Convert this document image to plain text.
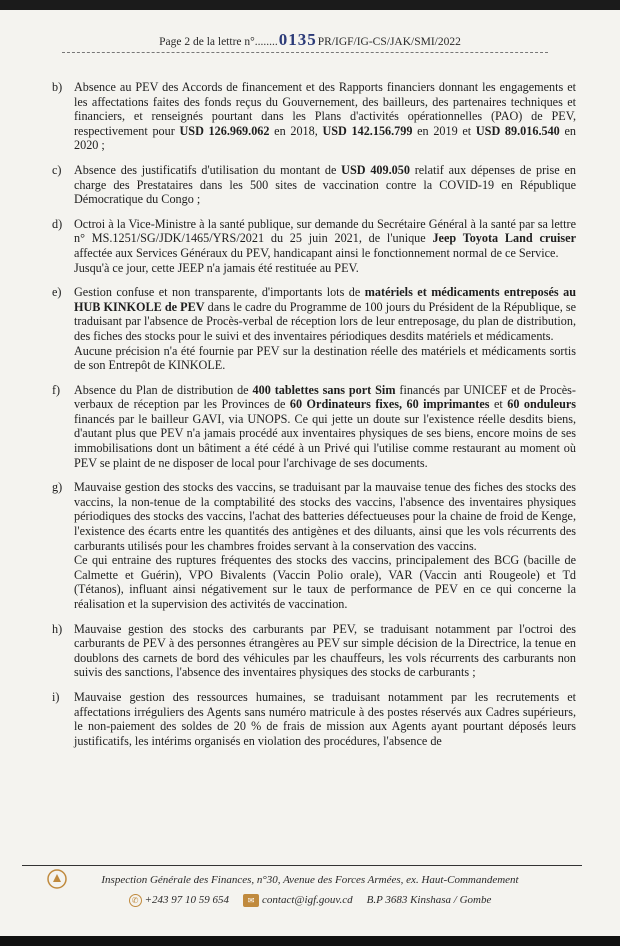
Page 2 de la lettre n°........0135PR/IGF/IG-CS/JAK/SMI/2022
b) Absence au PEV des Accords de financement et des Rapports financiers donnant les engagements et les affectations faites des fonds reçus du Gouvernement, des bailleurs, des partenaires techniques et financiers, et renseignés pourtant dans les Plans d'activités opérationnelles (PAO) de PEV, respectivement pour USD 126.969.062 en 2018, USD 142.156.799 en 2019 et USD 89.016.540 en 2020 ;

c)	Absence des justificatifs d'utilisation du montant de USD 409.050 relatif aux dépenses de prise en charge des Prestataires dans les 500 sites de vaccination contre la COVID-19 en République Démocratique du Congo ;

d) Octroi à la Vice-Ministre à la santé publique, sur demande du Secrétaire Général à la santé par sa lettre n° MS.1251/SG/JDK/1465/YRS/2021 du 25 juin 2021, de l'unique Jeep Toyota Land cruiser affectée aux Services Généraux du PEV, handicapant ainsi le fonctionnement normal de ce Service.

Jusqu'à ce jour, cette JEEP n'a jamais été restituée au PEV.

e)	Gestion confuse et non transparente, d'importants lots de matériels et médicaments entreposés au HUB KINKOLE de PEV dans le cadre du Programme de 100 jours du Président de la République, se traduisant par l'absence de Procès-verbal de réception lors de leur entreposage, du plan de distribution, des fiches des stocks pour le suivi et des inventaires périodiques desdits matériels et médicaments.

Aucune précision n'a été fournie par PEV sur la destination réelle des matériels et médicaments sortis de son Entrepôt de KINKOLE.

f)	Absence du Plan de distribution de 400 tablettes sans port Sim financés par UNICEF et de Procès-verbaux de réception par les Provinces de 60 Ordinateurs fixes, 60 imprimantes et 60 onduleurs financés par le bailleur GAVI, via UNOPS. Ce qui jette un doute sur l'existence réelle desdits biens, d'autant plus que PEV n'a jamais procédé aux inventaires physiques de ses biens, encore moins de ses immobilisations dont un bâtiment a été cédé à un Privé qui l'utilise comme restaurant au moment où PEV se plaint de ne disposer de local pour l'archivage de ses documents.

g) Mauvaise gestion des stocks des vaccins, se traduisant par la mauvaise tenue des fiches des stocks des vaccins, la non-tenue de la comptabilité des stocks des vaccins, l'absence des inventaires physiques périodiques des stocks des vaccins, l'achat des batteries défectueuses pour la chaine de froid de Kenge, l'existence des écarts entre les quantités des antigènes et des diluants, ainsi que les vols récurrents des carburants utilisés pour les chambres froides servant à la conservation des vaccins.

Ce qui entraine des ruptures fréquentes des stocks des vaccins, principalement des BCG (bacille de Calmette et Guérin), VPO Bivalents (Vaccin Polio orale), VAR (Vaccin anti Rougeole) et Td (Tétanos), influant ainsi négativement sur le taux de performance de PEV en ce qui concerne la réalisation et la supervision des activités de vaccination.

h) Mauvaise gestion des stocks des carburants par PEV, se traduisant notamment par l'octroi des carburants de PEV à des personnes étrangères au PEV sur simple décision de la Directrice, la tenue en doublons des carnets de bord des véhicules par les chauffeurs, les vols récurrents des carburants non suivis des sanctions, l'absence des inventaires physiques des stocks de carburants ;

i)	Mauvaise gestion des ressources humaines, se traduisant notamment par les recrutements et affectations irréguliers des Agents sans numéro matricule à des postes réservés aux Cadres supérieurs, le non-paiement des soldes de 20 % de frais de mission aux Agents ayant pourtant déposés leurs justificatifs, les intérims organisés en violation des procédures, l'absence de

Inspection Générale des Finances, n°30, Avenue des Forces Armées, ex. Haut-Commandement
✆ +243 97 10 59 654 ✉ contact@igf.gouv.cd B.P 3683 Kinshasa / Gombe
